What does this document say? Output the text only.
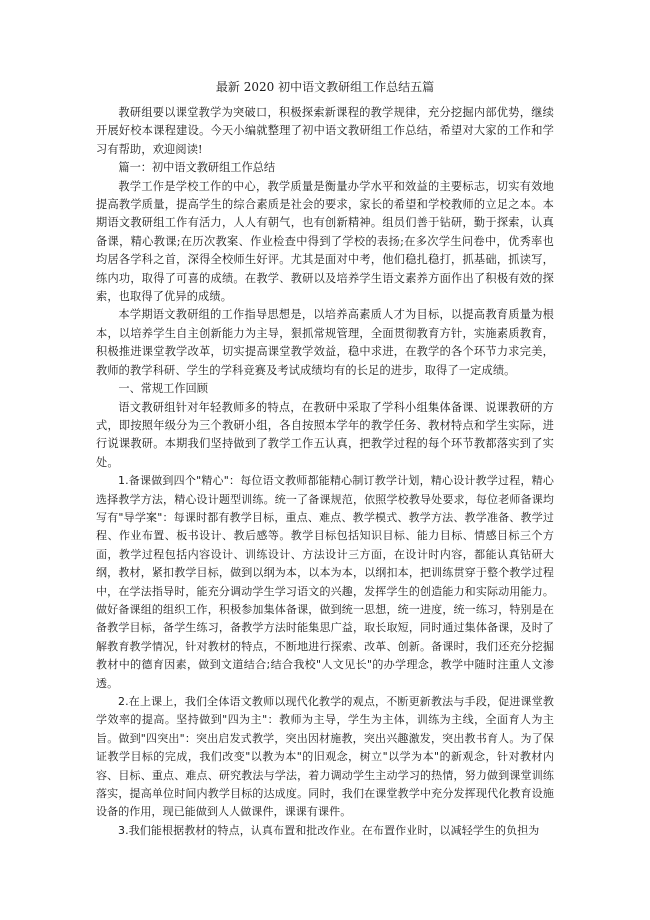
最新 2020 初中语文教研组工作总结五篇

教研组要以课堂教学为突破口，积极探索新课程的教学规律，充分挖掘内部优势，继续开展好校本课程建设。今天小编就整理了初中语文教研组工作总结，希望对大家的工作和学习有帮助，欢迎阅读!

篇一：初中语文教研组工作总结

教学工作是学校工作的中心，教学质量是衡量办学水平和效益的主要标志，切实有效地提高教学质量，提高学生的综合素质是社会的要求，家长的希望和学校教师的立足之本。本期语文教研组工作有活力，人人有朝气，也有创新精神。组员们善于钻研，勤于探索，认真备课，精心教课;在历次教案、作业检查中得到了学校的表扬;在多次学生问卷中，优秀率也均居各学科之首，深得全校师生好评。尤其是面对中考，他们稳扎稳打，抓基础，抓读写，练内功，取得了可喜的成绩。在教学、教研以及培养学生语文素养方面作出了积极有效的探索，也取得了优异的成绩。

本学期语文教研组的工作指导思想是，以培养高素质人才为目标，以提高教育质量为根本，以培养学生自主创新能力为主导，狠抓常规管理，全面贯彻教育方针，实施素质教育，积极推进课堂教学改革，切实提高课堂教学效益，稳中求进，在教学的各个环节力求完美，教师的教学科研、学生的学科竞赛及考试成绩均有的长足的进步，取得了一定成绩。

一、常规工作回顾

语文教研组针对年轻教师多的特点，在教研中采取了学科小组集体备课、说课教研的方式，即按照年级分为三个教研小组，各自按照本学年的教学任务、教材特点和学生实际，进行说课教研。本期我们坚持做到了教学工作五认真，把教学过程的每个环节教都落实到了实处。

1.备课做到四个"精心"：每位语文教师都能精心制订教学计划，精心设计教学过程，精心选择教学方法，精心设计题型训练。统一了备课规范，依照学校教导处要求，每位老师备课均写有"导学案"：每课时都有教学目标，重点、难点、教学模式、教学方法、教学准备、教学过程、作业布置、板书设计、教后感等。教学目标包括知识目标、能力目标、情感目标三个方面，教学过程包括内容设计、训练设计、方法设计三方面，在设计时内容，都能认真钻研大纲，教材，紧扣教学目标，做到以纲为本，以本为本，以纲扣本，把训练贯穿于整个教学过程中，在学法指导时，能充分调动学生学习语文的兴趣，发挥学生的创造能力和实际动用能力。做好备课组的组织工作，积极参加集体备课，做到统一思想，统一进度，统一练习，特别是在备教学目标，备学生练习，备教学方法时能集思广益，取长取短，同时通过集体备课，及时了解教育教学情况，针对教材的特点，不断地进行探索、改革、创新。备课时，我们还充分挖掘教材中的德育因素，做到文道结合;结合我校"人文见长"的办学理念，教学中随时注重人文渗透。

2.在上课上，我们全体语文教师以现代化教学的观点，不断更新教法与手段，促进课堂教学效率的提高。坚持做到"四为主"：教师为主导，学生为主体，训练为主线，全面育人为主旨。做到"四突出"：突出启发式教学，突出因材施教，突出兴趣激发，突出教书育人。为了保证教学目标的完成，我们改变"以教为本"的旧观念，树立"以学为本"的新观念，针对教材内容、目标、重点、难点、研究教法与学法，着力调动学生主动学习的热情，努力做到课堂训练落实，提高单位时间内教学目标的达成度。同时，我们在课堂教学中充分发挥现代化教育设施设备的作用，现已能做到人人做课件，课课有课件。

3.我们能根据教材的特点，认真布置和批改作业。在布置作业时，以减轻学生的负担为
